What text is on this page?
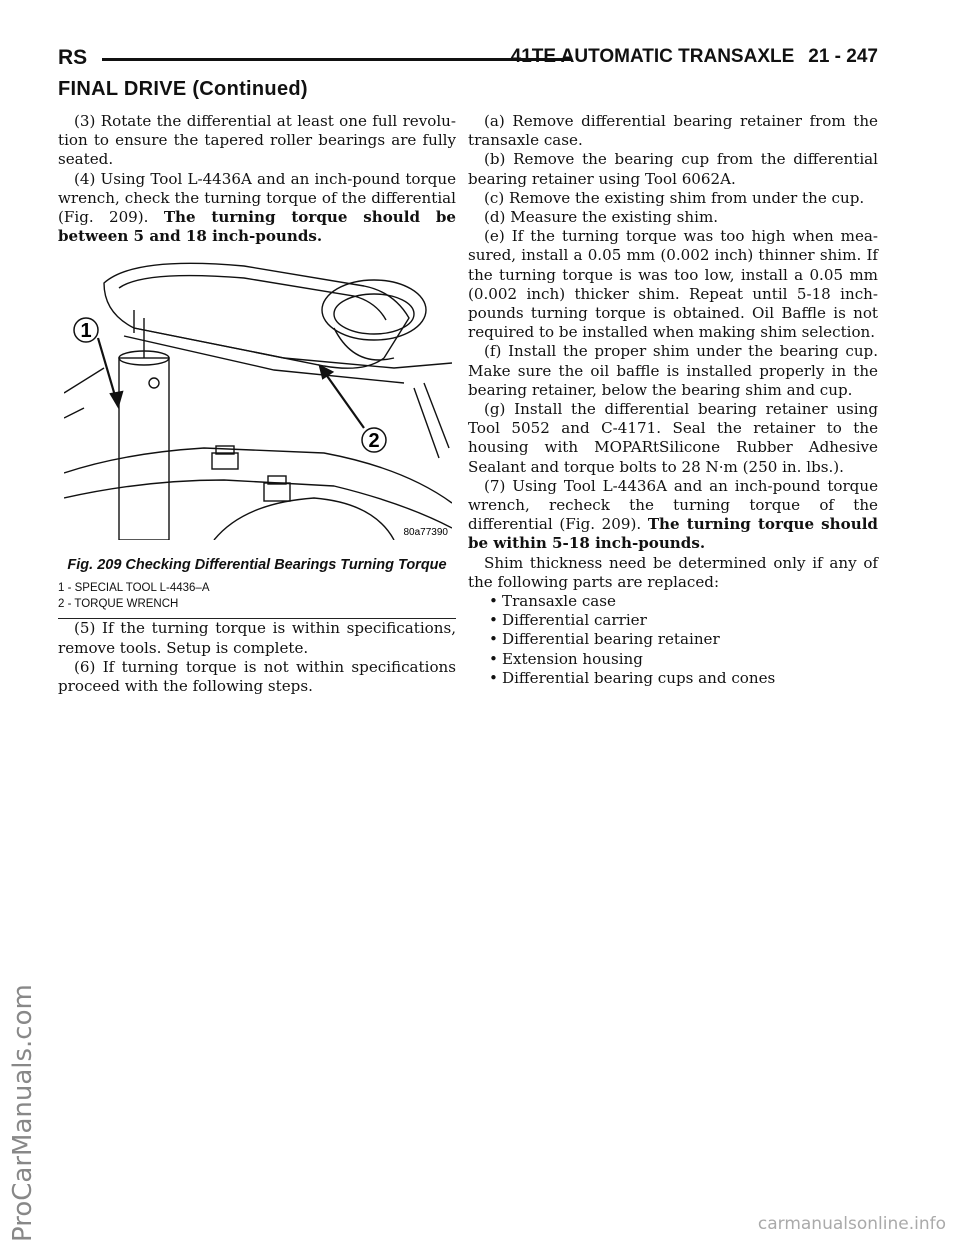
RS	41TE AUTOMATIC TRANSAXLE 21 - 247
FINAL DRIVE (Continued)

(3) Rotate the differential at least one full revolu-tion to ensure the tapered roller bearings are fully seated.

(4) Using Tool L-4436A and an inch-pound torque wrench, check the turning torque of the differential (Fig. 209). The turning torque should be between 5 and 18 inch-pounds.

1
2
80a77390
Fig. 209 Checking Differential Bearings Turning Torque
1 - SPECIAL TOOL L-4436–A
2 - TORQUE WRENCH

(5) If the turning torque is within specifications, remove tools. Setup is complete.

(6) If turning torque is not within specifications proceed with the following steps.

(a) Remove differential bearing retainer from the transaxle case.

(b) Remove the bearing cup from the differential bearing retainer using Tool 6062A.

(c) Remove the existing shim from under the cup.

(d) Measure the existing shim.

(e) If the turning torque was too high when mea-sured, install a 0.05 mm (0.002 inch) thinner shim. If the turning torque is was too low, install a 0.05 mm (0.002 inch) thicker shim. Repeat until 5-18 inch-pounds turning torque is obtained. Oil Baffle is not required to be installed when making shim selection.

(f) Install the proper shim under the bearing cup. Make sure the oil baffle is installed properly in the bearing retainer, below the bearing shim and cup.

(g) Install the differential bearing retainer using Tool 5052 and C-4171. Seal the retainer to the housing with MOPARtSilicone Rubber Adhesive Sealant and torque bolts to 28 N·m (250 in. lbs.).

(7) Using Tool L-4436A and an inch-pound torque wrench, recheck the turning torque of the differential (Fig. 209). The turning torque should be within 5-18 inch-pounds.

Shim thickness need be determined only if any of the following parts are replaced:

• Transaxle case
• Differential carrier
• Differential bearing retainer
• Extension housing
• Differential bearing cups and cones
ProCarManuals.com	carmanualsonline.info
